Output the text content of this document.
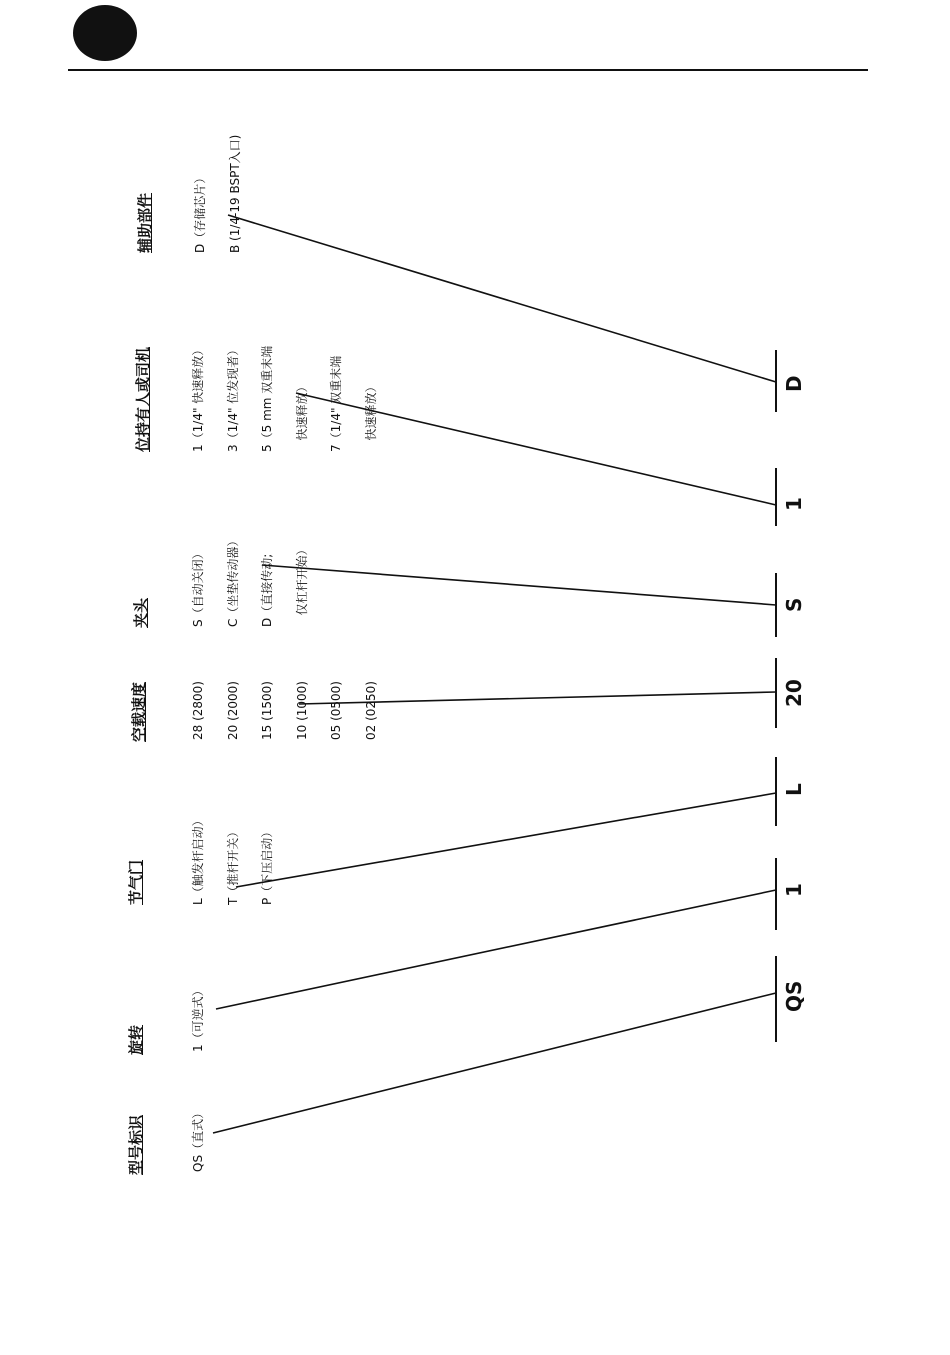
型号标识
旋转
节气门
空载速度
夹头
位持有人或司机
辅助部件

QS（直式）

1（可逆式）

L（触发杆启动）

T（推杆开关）

P（下压启动）

28 (2800)

20 (2000)

15 (1500)

10 (1000)

05 (0500)

02 (0250)

S（自动关闭）

C（坐垫传动器）

D（直接传动;

仅杠杆开始）

1（1/4" 快速释放）

3（1/4" 位发现者）

5（5 mm 双重末端

快速释放）

7（1/4" 双重末端

快速释放）

D（存储芯片）

B (1/4-19 BSPT入口)

QS
1
L
20
S
1
D
